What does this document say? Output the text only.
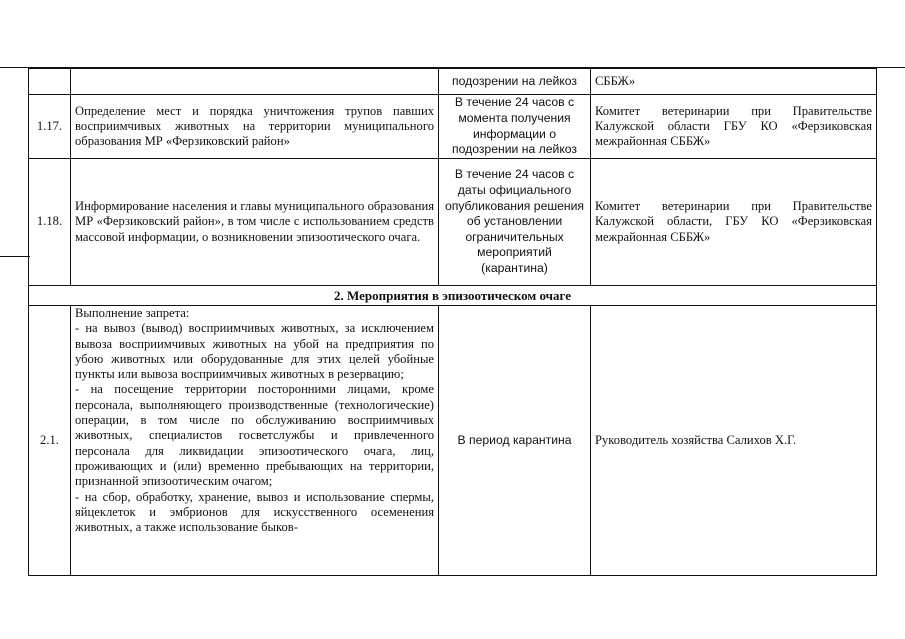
		подозрении на лейкоз	СББЖ»
1.17.	Определение мест и порядка уничтожения трупов павших восприимчивых животных на территории муниципального образования МР «Ферзиковский район»	В течение 24 часов с момента получения информации о подозрении на лейкоз	Комитет ветеринарии при Правительстве Калужской области ГБУ КО «Ферзиковская межрайонная СББЖ»
1.18.	Информирование населения и главы муниципального образования МР «Ферзиковский район», в том числе с использованием средств массовой информации, о возникновении эпизоотического очага.	В течение 24 часов с даты официального опубликования решения об установлении ограничительных мероприятий (карантина)	Комитет ветеринарии при Правительстве Калужской области, ГБУ КО «Ферзиковская межрайонная СББЖ»
2. Мероприятия в эпизоотическом очаге			
2.1.	Выполнение запрета:
- на вывоз (вывод) восприимчивых животных, за исключением вывоза восприимчивых животных на убой на предприятия по убою животных или оборудованные для этих целей убойные пункты или вывоза восприимчивых животных в резервацию;
- на посещение территории посторонними лицами, кроме персонала, выполняющего производственные (технологические) операции, в том числе по обслуживанию восприимчивых животных, специалистов госветслужбы и привлеченного персонала для ликвидации эпизоотического очага, лиц, проживающих и (или) временно пребывающих на территории, признанной эпизоотическим очагом;
- на сбор, обработку, хранение, вывоз и использование спермы, яйцеклеток и эмбрионов для искусственного осеменения животных, а также использование быков-	В период карантина	Руководитель хозяйства Салихов Х.Г.
